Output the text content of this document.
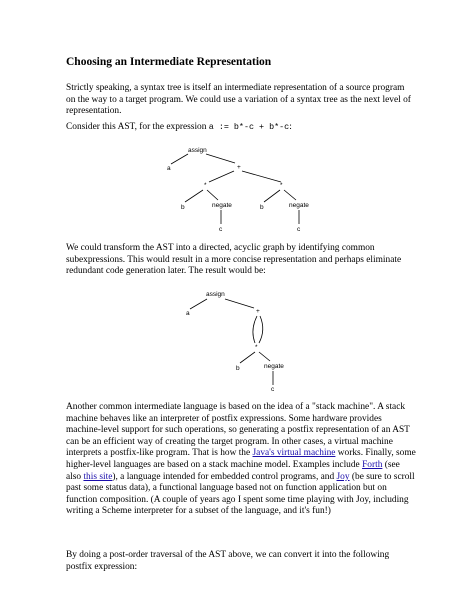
Choosing an Intermediate Representation

Strictly speaking, a syntax tree is itself an intermediate representation of a source program on the way to a target program. We could use a variation of a syntax tree as the next level of representation.

Consider this AST, for the expression a := b*-c + b*-c:

assign
a	+
*	*
b	negate
c
b	negate
c

We could transform the AST into a directed, acyclic graph by identifying common subexpressions. This would result in a more concise representation and perhaps eliminate redundant code generation later. The result would be:

assign
a	+
*
b	negate
c

Another common intermediate language is based on the idea of a "stack machine". A stack machine behaves like an interpreter of postfix expressions. Some hardware provides machine-level support for such operations, so generating a postfix representation of an AST can be an efficient way of creating the target program. In other cases, a virtual machine interprets a postfix-like program. That is how the Java's virtual machine works. Finally, some higher-level languages are based on a stack machine model. Examples include Forth (see also this site), a language intended for embedded control programs, and Joy (be sure to scroll past some status data), a functional language based not on function application but on function composition. (A couple of years ago I spent some time playing with Joy, including writing a Scheme interpreter for a subset of the language, and it's fun!)

By doing a post-order traversal of the AST above, we can convert it into the following postfix expression:
